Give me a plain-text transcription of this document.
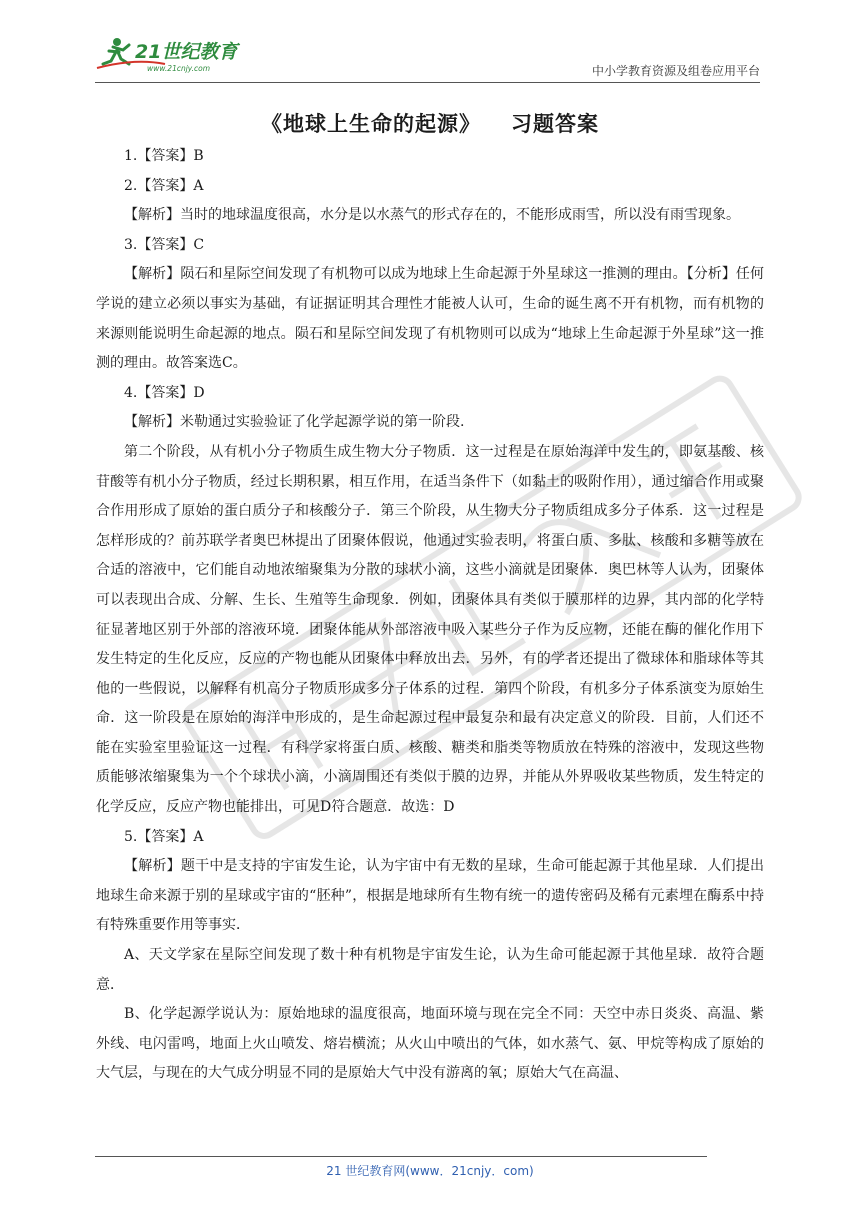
21世纪教育
www.21cnjy.com	中小学教育资源及组卷应用平台
《地球上生命的起源》 习题答案

1.【答案】B

2.【答案】A

【解析】当时的地球温度很高，水分是以水蒸气的形式存在的，不能形成雨雪，所以没有雨雪现象。

3.【答案】C

【解析】陨石和星际空间发现了有机物可以成为地球上生命起源于外星球这一推测的理由。【分析】任何学说的建立必须以事实为基础，有证据证明其合理性才能被人认可，生命的诞生离不开有机物，而有机物的来源则能说明生命起源的地点。陨石和星际空间发现了有机物则可以成为“地球上生命起源于外星球”这一推测的理由。故答案选C。

4.【答案】D

【解析】米勒通过实验验证了化学起源学说的第一阶段.

第二个阶段，从有机小分子物质生成生物大分子物质．这一过程是在原始海洋中发生的，即氨基酸、核苷酸等有机小分子物质，经过长期积累，相互作用，在适当条件下（如黏土的吸附作用），通过缩合作用或聚合作用形成了原始的蛋白质分子和核酸分子．第三个阶段，从生物大分子物质组成多分子体系．这一过程是怎样形成的？前苏联学者奥巴林提出了团聚体假说，他通过实验表明，将蛋白质、多肽、核酸和多糖等放在合适的溶液中，它们能自动地浓缩聚集为分散的球状小滴，这些小滴就是团聚体．奥巴林等人认为，团聚体可以表现出合成、分解、生长、生殖等生命现象．例如，团聚体具有类似于膜那样的边界，其内部的化学特征显著地区别于外部的溶液环境．团聚体能从外部溶液中吸入某些分子作为反应物，还能在酶的催化作用下发生特定的生化反应，反应的产物也能从团聚体中释放出去．另外，有的学者还提出了微球体和脂球体等其他的一些假说，以解释有机高分子物质形成多分子体系的过程．第四个阶段，有机多分子体系演变为原始生命．这一阶段是在原始的海洋中形成的，是生命起源过程中最复杂和最有决定意义的阶段．目前，人们还不能在实验室里验证这一过程．有科学家将蛋白质、核酸、糖类和脂类等物质放在特殊的溶液中，发现这些物质能够浓缩聚集为一个个球状小滴，小滴周围还有类似于膜的边界，并能从外界吸收某些物质，发生特定的化学反应，反应产物也能排出，可见D符合题意．故选：D

5.【答案】A

【解析】题干中是支持的宇宙发生论，认为宇宙中有无数的星球，生命可能起源于其他星球．人们提出地球生命来源于别的星球或宇宙的“胚种”，根据是地球所有生物有统一的遗传密码及稀有元素埋在酶系中持有特殊重要作用等事实．

A、天文学家在星际空间发现了数十种有机物是宇宙发生论，认为生命可能起源于其他星球．故符合题意．

B、化学起源学说认为：原始地球的温度很高，地面环境与现在完全不同：天空中赤日炎炎、高温、紫外线、电闪雷鸣，地面上火山喷发、熔岩横流；从火山中喷出的气体，如水蒸气、氨、甲烷等构成了原始的大气层，与现在的大气成分明显不同的是原始大气中没有游离的氧；原始大气在高温、

21 世纪教育网(www．21cnjy．com)
